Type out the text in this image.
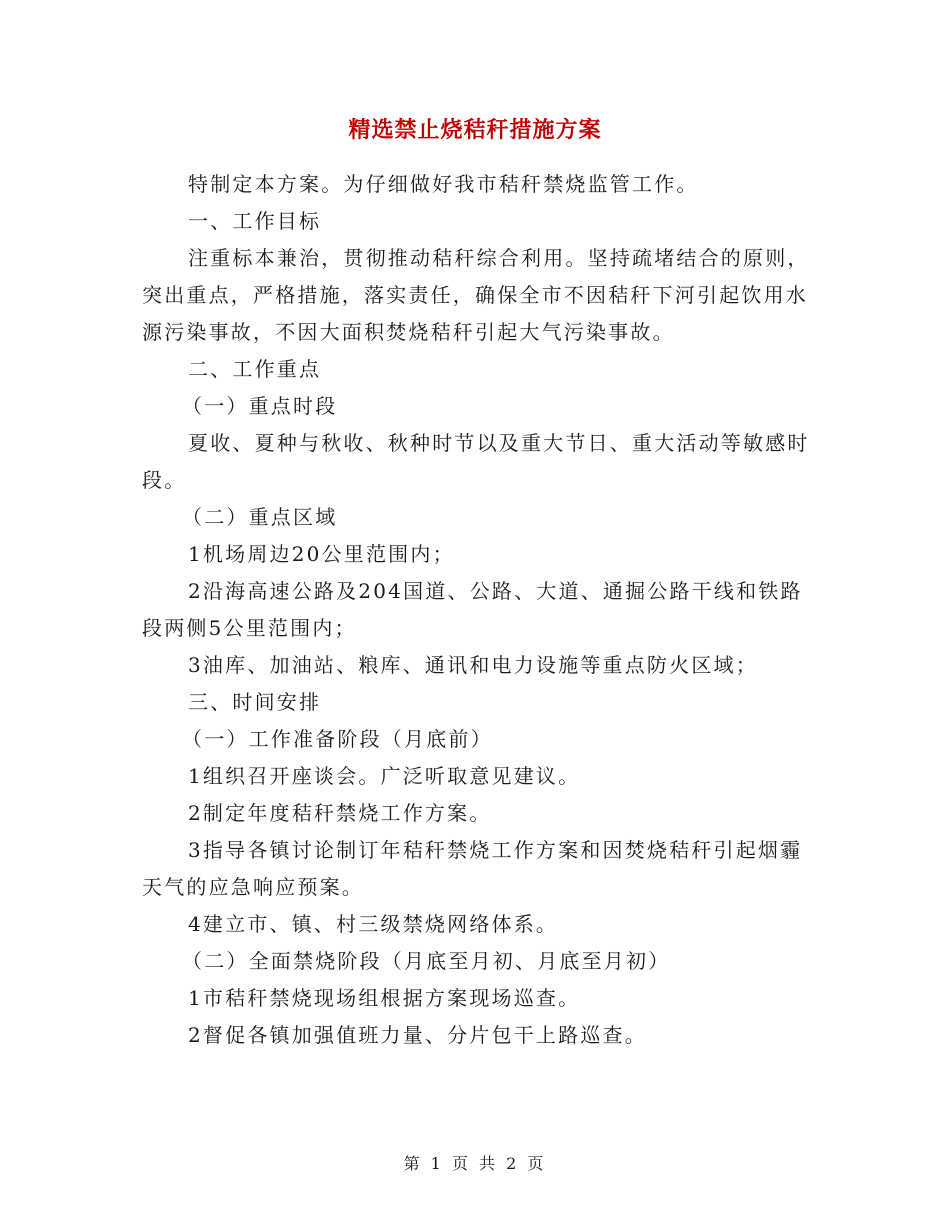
精选禁止烧秸秆措施方案

特制定本方案。为仔细做好我市秸秆禁烧监管工作。

一、工作目标

注重标本兼治，贯彻推动秸秆综合利用。坚持疏堵结合的原则，突出重点，严格措施，落实责任，确保全市不因秸秆下河引起饮用水源污染事故，不因大面积焚烧秸秆引起大气污染事故。

二、工作重点

（一）重点时段

夏收、夏种与秋收、秋种时节以及重大节日、重大活动等敏感时段。

（二）重点区域

1机场周边20公里范围内；

2沿海高速公路及204国道、公路、大道、通掘公路干线和铁路段两侧5公里范围内；

3油库、加油站、粮库、通讯和电力设施等重点防火区域；

三、时间安排

（一）工作准备阶段（月底前）

1组织召开座谈会。广泛听取意见建议。

2制定年度秸秆禁烧工作方案。

3指导各镇讨论制订年秸秆禁烧工作方案和因焚烧秸秆引起烟霾天气的应急响应预案。

4建立市、镇、村三级禁烧网络体系。

（二）全面禁烧阶段（月底至月初、月底至月初）

1市秸秆禁烧现场组根据方案现场巡查。

2督促各镇加强值班力量、分片包干上路巡查。

第 1 页 共 2 页
